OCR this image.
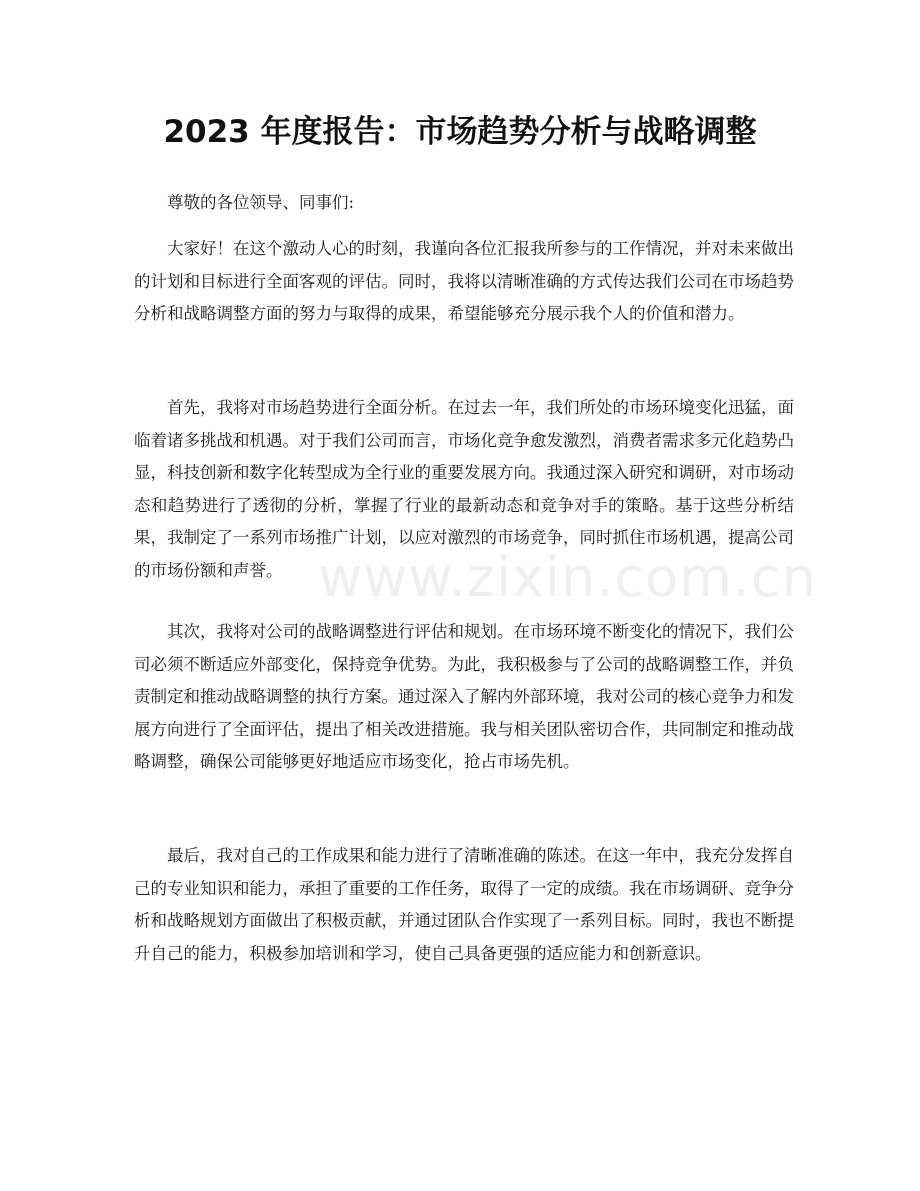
2023 年度报告：市场趋势分析与战略调整

尊敬的各位领导、同事们:

大家好！在这个激动人心的时刻，我谨向各位汇报我所参与的工作情况，并对未来做出的计划和目标进行全面客观的评估。同时，我将以清晰准确的方式传达我们公司在市场趋势分析和战略调整方面的努力与取得的成果，希望能够充分展示我个人的价值和潜力。

首先，我将对市场趋势进行全面分析。在过去一年，我们所处的市场环境变化迅猛，面临着诸多挑战和机遇。对于我们公司而言，市场化竞争愈发激烈，消费者需求多元化趋势凸显，科技创新和数字化转型成为全行业的重要发展方向。我通过深入研究和调研，对市场动态和趋势进行了透彻的分析，掌握了行业的最新动态和竞争对手的策略。基于这些分析结果，我制定了一系列市场推广计划，以应对激烈的市场竞争，同时抓住市场机遇，提高公司的市场份额和声誉。

其次，我将对公司的战略调整进行评估和规划。在市场环境不断变化的情况下，我们公司必须不断适应外部变化，保持竞争优势。为此，我积极参与了公司的战略调整工作，并负责制定和推动战略调整的执行方案。通过深入了解内外部环境，我对公司的核心竞争力和发展方向进行了全面评估，提出了相关改进措施。我与相关团队密切合作，共同制定和推动战略调整，确保公司能够更好地适应市场变化，抢占市场先机。

最后，我对自己的工作成果和能力进行了清晰准确的陈述。在这一年中，我充分发挥自己的专业知识和能力，承担了重要的工作任务，取得了一定的成绩。我在市场调研、竞争分析和战略规划方面做出了积极贡献，并通过团队合作实现了一系列目标。同时，我也不断提升自己的能力，积极参加培训和学习，使自己具备更强的适应能力和创新意识。

www.zixin.com.cn
